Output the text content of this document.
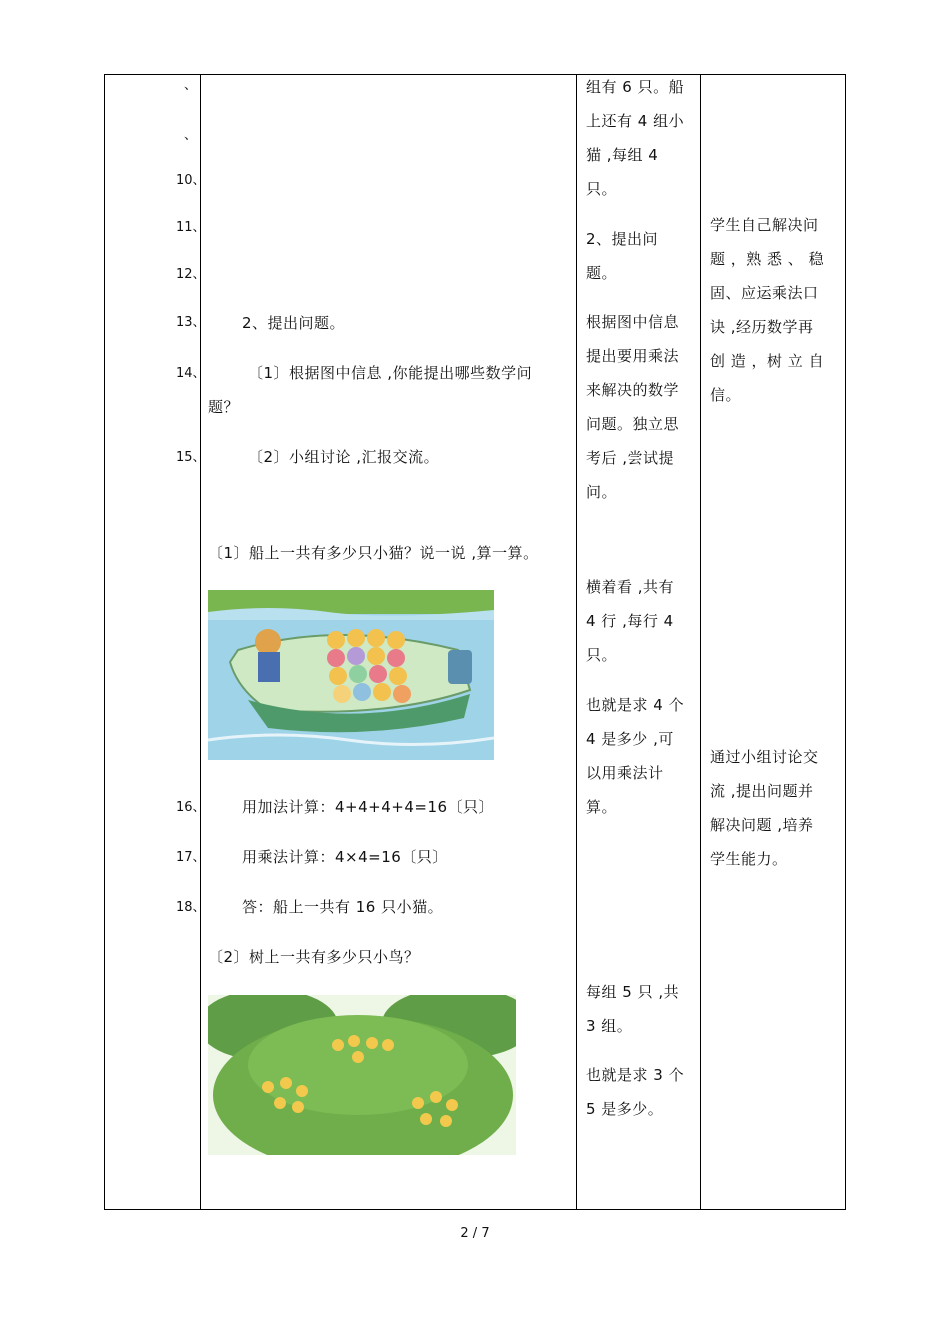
、
、
10、
11、
12、
13、
14、
15、
16、
17、
18、
2、提出问题。
〔1〕根据图中信息 ,你能提出哪些数学问
题？
〔2〕小组讨论 ,汇报交流。
〔1〕船上一共有多少只小猫？说一说 ,算一算。
用加法计算：4+4+4+4=16〔只〕
用乘法计算：4×4=16〔只〕
答：船上一共有 16 只小猫。
〔2〕树上一共有多少只小鸟？
组有 6 只。船
上还有 4 组小
猫 ,每组 4
只。
2、提出问
题。
根据图中信息
提出要用乘法
来解决的数学
问题。独立思
考后 ,尝试提
问。
横着看 ,共有
4 行 ,每行 4
只。
也就是求 4 个
4 是多少 ,可
以用乘法计
算。
每组 5 只 ,共
3 组。
也就是求 3 个
5 是多少。
学生自己解决问
题 ，熟 悉 、 稳
固、应运乘法口
诀 ,经历数学再
创 造 ，树 立 自
信。
通过小组讨论交
流 ,提出问题并
解决问题 ,培养
学生能力。
2 / 7
